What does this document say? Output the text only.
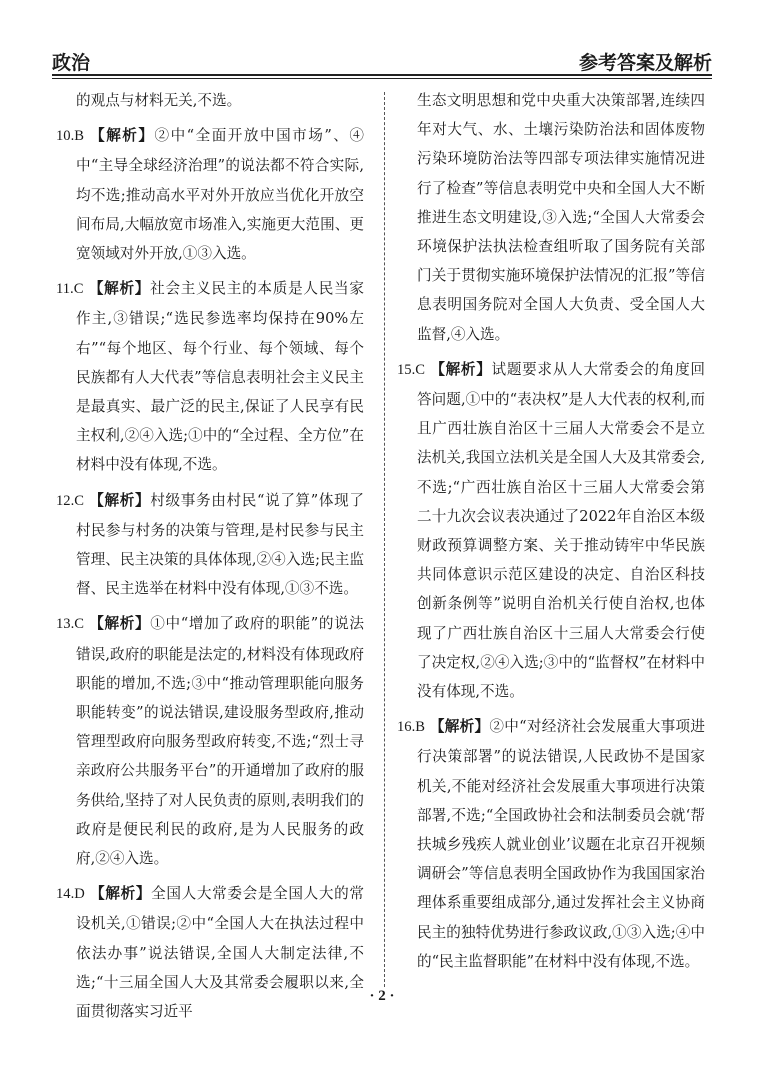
政治	参考答案及解析

的观点与材料无关,不选。

10.B 【解析】②中“全面开放中国市场”、④中“主导全球经济治理”的说法都不符合实际,均不选;推动高水平对外开放应当优化开放空间布局,大幅放宽市场准入,实施更大范围、更宽领域对外开放,①③入选。

11.C 【解析】社会主义民主的本质是人民当家作主,③错误;“选民参选率均保持在90%左右”“每个地区、每个行业、每个领域、每个民族都有人大代表”等信息表明社会主义民主是最真实、最广泛的民主,保证了人民享有民主权利,②④入选;①中的“全过程、全方位”在材料中没有体现,不选。

12.C 【解析】村级事务由村民“说了算”体现了村民参与村务的决策与管理,是村民参与民主管理、民主决策的具体体现,②④入选;民主监督、民主选举在材料中没有体现,①③不选。

13.C 【解析】①中“增加了政府的职能”的说法错误,政府的职能是法定的,材料没有体现政府职能的增加,不选;③中“推动管理职能向服务职能转变”的说法错误,建设服务型政府,推动管理型政府向服务型政府转变,不选;“烈士寻亲政府公共服务平台”的开通增加了政府的服务供给,坚持了对人民负责的原则,表明我们的政府是便民利民的政府,是为人民服务的政府,②④入选。

14.D 【解析】全国人大常委会是全国人大的常设机关,①错误;②中“全国人大在执法过程中依法办事”说法错误,全国人大制定法律,不选;“十三届全国人大及其常委会履职以来,全面贯彻落实习近平

生态文明思想和党中央重大决策部署,连续四年对大气、水、土壤污染防治法和固体废物污染环境防治法等四部专项法律实施情况进行了检查”等信息表明党中央和全国人大不断推进生态文明建设,③入选;“全国人大常委会环境保护法执法检查组听取了国务院有关部门关于贯彻实施环境保护法情况的汇报”等信息表明国务院对全国人大负责、受全国人大监督,④入选。

15.C 【解析】试题要求从人大常委会的角度回答问题,①中的“表决权”是人大代表的权利,而且广西壮族自治区十三届人大常委会不是立法机关,我国立法机关是全国人大及其常委会,不选;“广西壮族自治区十三届人大常委会第二十九次会议表决通过了2022年自治区本级财政预算调整方案、关于推动铸牢中华民族共同体意识示范区建设的决定、自治区科技创新条例等”说明自治机关行使自治权,也体现了广西壮族自治区十三届人大常委会行使了决定权,②④入选;③中的“监督权”在材料中没有体现,不选。

16.B 【解析】②中“对经济社会发展重大事项进行决策部署”的说法错误,人民政协不是国家机关,不能对经济社会发展重大事项进行决策部署,不选;“全国政协社会和法制委员会就‘帮扶城乡残疾人就业创业’议题在北京召开视频调研会”等信息表明全国政协作为我国国家治理体系重要组成部分,通过发挥社会主义协商民主的独特优势进行参政议政,①③入选;④中的“民主监督职能”在材料中没有体现,不选。

· 2 ·
